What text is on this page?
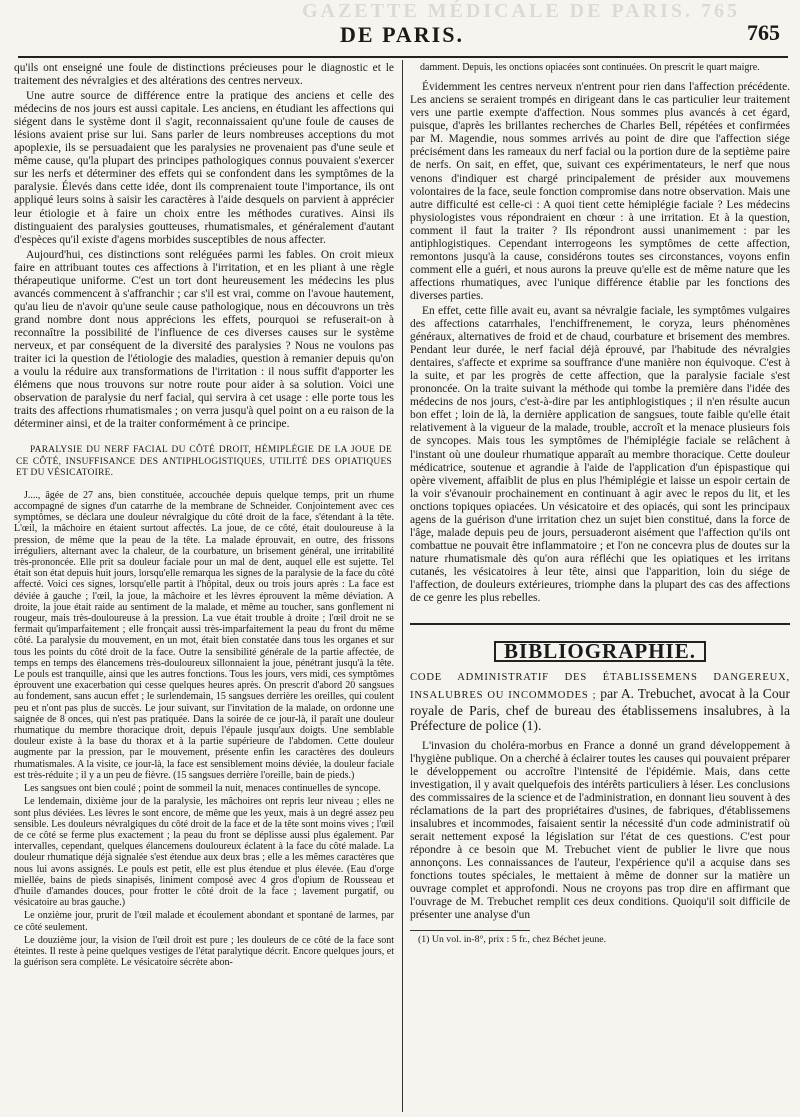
GAZETTE MÉDICALE DE PARIS. 765
DE PARIS.	765

qu'ils ont enseigné une foule de distinctions précieuses pour le diagnostic et le traitement des névralgies et des altérations des centres nerveux.

Une autre source de différence entre la pratique des anciens et celle des médecins de nos jours est aussi capitale. Les anciens, en étudiant les affections qui siégent dans le système dont il s'agit, reconnaissaient qu'une foule de causes de lésions avaient prise sur lui. Sans parler de leurs nombreuses acceptions du mot apoplexie, ils se persuadaient que les paralysies ne provenaient pas d'une seule et même cause, qu'la plupart des principes pathologiques connus pouvaient s'exercer sur les nerfs et déterminer des effets qui se confondent dans les symptômes de la paralysie. Élevés dans cette idée, dont ils comprenaient toute l'importance, ils ont appliqué leurs soins à saisir les caractères à l'aide desquels on parvient à apprécier leur étiologie et à faire un choix entre les méthodes curatives. Ainsi ils distinguaient des paralysies goutteuses, rhumatismales, et généralement d'autant d'espèces qu'il existe d'agens morbides susceptibles de nous affecter.

Aujourd'hui, ces distinctions sont reléguées parmi les fables. On croit mieux faire en attribuant toutes ces affections à l'irritation, et en les pliant à une règle thérapeutique uniforme. C'est un tort dont heureusement les médecins les plus avancés commencent à s'affranchir ; car s'il est vrai, comme on l'avoue hautement, qu'au lieu de n'avoir qu'une seule cause pathologique, nous en découvrons un très grand nombre dont nous apprécions les effets, pourquoi se refuserait-on à reconnaître la possibilité de l'influence de ces diverses causes sur le système nerveux, et par conséquent de la diversité des paralysies ? Nous ne voulons pas traiter ici la question de l'étiologie des maladies, question à remanier depuis qu'on a voulu la réduire aux transformations de l'irritation : il nous suffit d'apporter les élémens que nous trouvons sur notre route pour aider à sa solution. Voici une observation de paralysie du nerf facial, qui servira à cet usage : elle porte tous les traits des affections rhumatismales ; on verra jusqu'à quel point on a eu raison de la déterminer ainsi, et de la traiter conformément à ce principe.

PARALYSIE DU NERF FACIAL DU CÔTÉ DROIT, HÉMIPLÉGIE DE LA JOUE DE CE CÔTÉ, INSUFFISANCE DES ANTIPHLOGISTIQUES, UTILITÉ DES OPIATIQUES ET DU VÉSICATOIRE.

J...., âgée de 27 ans, bien constituée, accouchée depuis quelque temps, prit un rhume accompagné de signes d'un catarrhe de la membrane de Schneider. Conjointement avec ces symptômes, se déclara une douleur névralgique du côté droit de la face, s'étendant à la tête. L'œil, la mâchoire en étaient surtout affectés. La joue, de ce côté, était douloureuse à la pression, de même que la peau de la tête. La malade éprouvait, en outre, des frissons irréguliers, alternant avec la chaleur, de la courbature, un brisement général, une irritabilité très-prononcée. Elle prit sa douleur faciale pour un mal de dent, auquel elle est sujette. Tel était son état depuis huit jours, lorsqu'elle remarqua les signes de la paralysie de la face du côté affecté. Voici ces signes, lorsqu'elle partit à l'hôpital, deux ou trois jours après : La face est déviée à gauche ; l'œil, la joue, la mâchoire et les lèvres éprouvent la même déviation. A droite, la joue était raide au sentiment de la malade, et même au toucher, sans gonflement ni rougeur, mais très-douloureuse à la pression. La vue était trouble à droite ; l'œil droit ne se fermait qu'imparfaitement ; elle fronçait aussi très-imparfaitement la peau du front du même côté. La paralysie du mouvement, en un mot, était bien constatée dans tous les organes et sur tous les points du côté droit de la face. Outre la sensibilité générale de la partie affectée, de temps en temps des élancemens très-douloureux sillonnaient la joue, pénétrant jusqu'à la tête. Le pouls est tranquille, ainsi que les autres fonctions. Tous les jours, vers midi, ces symptômes éprouvent une exacerbation qui cesse quelques heures après. On prescrit d'abord 20 sangsues au fondement, sans aucun effet ; le surlendemain, 15 sangsues derrière les oreilles, qui coulent peu et n'ont pas plus de succès. Le jour suivant, sur l'invitation de la malade, on ordonne une saignée de 8 onces, qui n'est pas pratiquée. Dans la soirée de ce jour-là, il paraît une douleur rhumatique du membre thoracique droit, depuis l'épaule jusqu'aux doigts. Une semblable douleur existe à la base du thorax et à la partie supérieure de l'abdomen. Cette douleur augmente par la pression, par le mouvement, présente enfin les caractères des douleurs rhumatismales. A la visite, ce jour-là, la face est sensiblement moins déviée, la douleur faciale est très-réduite ; il y a un peu de fièvre. (15 sangsues derrière l'oreille, bain de pieds.)

Les sangsues ont bien coulé ; point de sommeil la nuit, menaces continuelles de syncope.

Le lendemain, dixième jour de la paralysie, les mâchoires ont repris leur niveau ; elles ne sont plus déviées. Les lèvres le sont encore, de même que les yeux, mais à un degré assez peu sensible. Les douleurs névralgiques du côté droit de la face et de la tête sont moins vives ; l'œil de ce côté se ferme plus exactement ; la peau du front se déplisse aussi plus également. Par intervalles, cependant, quelques élancemens douloureux éclatent à la face du côté malade. La douleur rhumatique déjà signalée s'est étendue aux deux bras ; elle a les mêmes caractères que nous lui avons assignés. Le pouls est petit, elle est plus étendue et plus élevée. (Eau d'orge miellée, bains de pieds sinapisés, liniment composé avec 4 gros d'opium de Rousseau et d'huile d'amandes douces, pour frotter le côté droit de la face ; lavement purgatif, ou vésicatoire au bras gauche.)

Le onzième jour, prurit de l'œil malade et écoulement abondant et spontané de larmes, par ce côté seulement.

Le douzième jour, la vision de l'œil droit est pure ; les douleurs de ce côté de la face sont éteintes. Il reste à peine quelques vestiges de l'état paralytique décrit. Encore quelques jours, et la guérison sera complète. Le vésicatoire sécrète abon-

damment. Depuis, les onctions opiacées sont continuées. On prescrit le quart maigre.

Évidemment les centres nerveux n'entrent pour rien dans l'affection précédente. Les anciens se seraient trompés en dirigeant dans le cas particulier leur traitement vers une partie exempte d'affection. Nous sommes plus avancés à cet égard, puisque, d'après les brillantes recherches de Charles Bell, répétées et confirmées par M. Magendie, nous sommes arrivés au point de dire que l'affection siége précisément dans les rameaux du nerf facial ou la portion dure de la septième paire de nerfs. On sait, en effet, que, suivant ces expérimentateurs, le nerf que nous venons d'indiquer est chargé principalement de présider aux mouvemens volontaires de la face, seule fonction compromise dans notre observation. Mais une autre difficulté est celle-ci : A quoi tient cette hémiplégie faciale ? Les médecins physiologistes vous répondraient en chœur : à une irritation. Et à la question, comment il faut la traiter ? Ils répondront aussi unanimement : par les antiphlogistiques. Cependant interrogeons les symptômes de cette affection, remontons jusqu'à la cause, considérons toutes ses circonstances, voyons enfin comment elle a guéri, et nous aurons la preuve qu'elle est de même nature que les affections rhumatiques, avec l'unique différence établie par les fonctions des diverses parties.

En effet, cette fille avait eu, avant sa névralgie faciale, les symptômes vulgaires des affections catarrhales, l'enchiffrenement, le coryza, leurs phénomènes généraux, alternatives de froid et de chaud, courbature et brisement des membres. Pendant leur durée, le nerf facial déjà éprouvé, par l'habitude des névralgies dentaires, s'affecte et exprime sa souffrance d'une manière non équivoque. C'est à la suite, et par les progrès de cette affection, que la paralysie faciale s'est prononcée. On la traite suivant la méthode qui tombe la première dans l'idée des médecins de nos jours, c'est-à-dire par les antiphlogistiques ; il n'en résulte aucun bon effet ; loin de là, la dernière application de sangsues, toute faible qu'elle était relativement à la vigueur de la malade, trouble, accroît et la menace plusieurs fois de syncopes. Mais tous les symptômes de l'hémiplégie faciale se relâchent à l'instant où une douleur rhumatique apparaît au membre thoracique. Cette douleur médicatrice, soutenue et agrandie à l'aide de l'application d'un épispastique qui opère vivement, affaiblit de plus en plus l'hémiplégie et laisse un espoir certain de la voir s'évanouir prochainement en continuant à agir avec le repos du lit, et les onctions topiques opiacées. Un vésicatoire et des opiacés, qui sont les principaux agens de la guérison d'une irritation chez un sujet bien constitué, dans la force de l'âge, malade depuis peu de jours, persuaderont aisément que l'affection qu'ils ont combattue ne pouvait être inflammatoire ; et l'on ne concevra plus de doutes sur la nature rhumatismale dès qu'on aura réfléchi que les opiatiques et les irritans cutanés, les vésicatoires à leur tête, ainsi que l'apparition, loin du siége de l'affection, de douleurs extérieures, triomphe dans la plupart des cas des affections de ce genre les plus rebelles.

BIBLIOGRAPHIE.
CODE ADMINISTRATIF DES ÉTABLISSEMENS DANGEREUX, INSALUBRES OU INCOMMODES ; par A. Trebuchet, avocat à la Cour royale de Paris, chef de bureau des établissemens insalubres, à la Préfecture de police (1).

L'invasion du choléra-morbus en France a donné un grand développement à l'hygiène publique. On a cherché à éclairer toutes les causes qui pouvaient préparer le développement ou accroître l'intensité de l'épidémie. Mais, dans cette investigation, il y avait quelquefois des intérêts particuliers à léser. Les conclusions des commissaires de la science et de l'administration, en donnant lieu souvent à des réclamations de la part des propriétaires d'usines, de fabriques, d'établissemens insalubres et incommodes, faisaient sentir la nécessité d'un code administratif où serait nettement exposé la législation sur l'état de ces questions. C'est pour répondre à ce besoin que M. Trebuchet vient de publier le livre que nous annonçons. Les connaissances de l'auteur, l'expérience qu'il a acquise dans ses fonctions toutes spéciales, le mettaient à même de donner sur la matière un ouvrage complet et approfondi. Nous ne croyons pas trop dire en affirmant que l'ouvrage de M. Trebuchet remplit ces deux conditions. Quoiqu'il soit difficile de présenter une analyse d'un

(1) Un vol. in-8°, prix : 5 fr., chez Béchet jeune.
